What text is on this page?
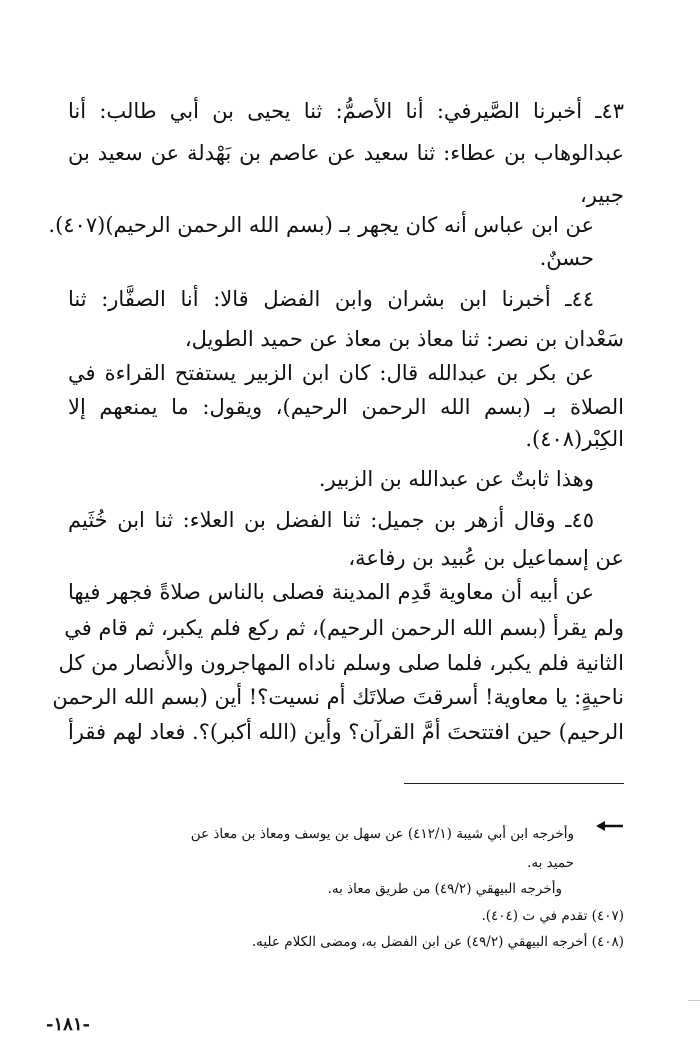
٤٣ـ أخبرنا الصَّيرفي: أنا الأصمُّ: ثنا يحيى بن أبي طالب: أنا
عبدالوهاب بن عطاء: ثنا سعيد عن عاصم بن بَهْدلة عن سعيد بن
جبير،
عن ابن عباس أنه كان يجهر بـ (بسم الله الرحمن الرحيم)(٤٠٧).
حسنٌ.
٤٤ـ أخبرنا ابن بشران وابن الفضل قالا: أنا الصفَّار: ثنا
سَعْدان بن نصر: ثنا معاذ بن معاذ عن حميد الطويل،
عن بكر بن عبدالله قال: كان ابن الزبير يستفتح القراءة في
الصلاة بـ (بسم الله الرحمن الرحيم)، ويقول: ما يمنعهم إلا
الكِبْر(٤٠٨).
وهذا ثابتٌ عن عبدالله بن الزبير.
٤٥ـ وقال أزهر بن جميل: ثنا الفضل بن العلاء: ثنا ابن خُثَيم
عن إسماعيل بن عُبيد بن رفاعة،
عن أبيه أن معاوية قَدِم المدينة فصلى بالناس صلاةً فجهر فيها
ولم يقرأ (بسم الله الرحمن الرحيم)، ثم ركع فلم يكبر، ثم قام في
الثانية فلم يكبر، فلما صلى وسلم ناداه المهاجرون والأنصار من كل
ناحيةٍ: يا معاوية! أسرقتَ صلاتَك أم نسيت؟! أين (بسم الله الرحمن
الرحيم) حين افتتحتَ أمَّ القرآن؟ وأين (الله أكبر)؟. فعاد لهم فقرأ
وأخرجه ابن أبي شيبة (٤١٢/١) عن سهل بن يوسف ومعاذ بن معاذ عن
حميد به.
وأخرجه البيهقي (٤٩/٢) من طريق معاذ به.
(٤٠٧) تقدم في ت (٤٠٤).
(٤٠٨) أخرجه البيهقي (٤٩/٢) عن ابن الفضل به، ومضى الكلام عليه.
-١٨١-
